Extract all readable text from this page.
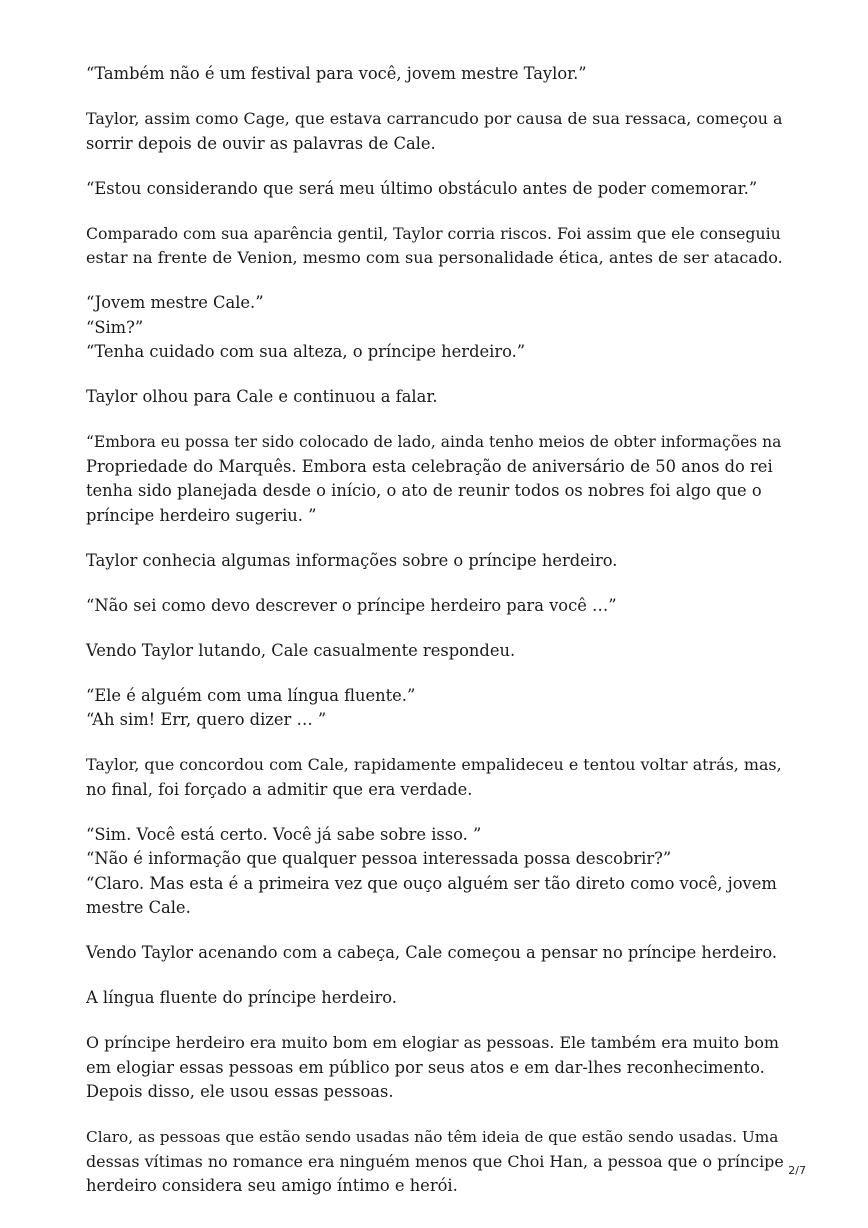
“Também não é um festival para você, jovem mestre Taylor.”
Taylor, assim como Cage, que estava carrancudo por causa de sua ressaca, começou a
sorrir depois de ouvir as palavras de Cale.
“Estou considerando que será meu último obstáculo antes de poder comemorar.”
Comparado com sua aparência gentil, Taylor corria riscos. Foi assim que ele conseguiu
estar na frente de Venion, mesmo com sua personalidade ética, antes de ser atacado.
“Jovem mestre Cale.”
“Sim?”
“Tenha cuidado com sua alteza, o príncipe herdeiro.”
Taylor olhou para Cale e continuou a falar.
“Embora eu possa ter sido colocado de lado, ainda tenho meios de obter informações na
Propriedade do Marquês. Embora esta celebração de aniversário de 50 anos do rei
tenha sido planejada desde o início, o ato de reunir todos os nobres foi algo que o
príncipe herdeiro sugeriu. ”
Taylor conhecia algumas informações sobre o príncipe herdeiro.
“Não sei como devo descrever o príncipe herdeiro para você …”
Vendo Taylor lutando, Cale casualmente respondeu.
“Ele é alguém com uma língua fluente.”
“Ah sim! Err, quero dizer … ”
Taylor, que concordou com Cale, rapidamente empalideceu e tentou voltar atrás, mas,
no final, foi forçado a admitir que era verdade.
“Sim. Você está certo. Você já sabe sobre isso. ”
“Não é informação que qualquer pessoa interessada possa descobrir?”
“Claro. Mas esta é a primeira vez que ouço alguém ser tão direto como você, jovem
mestre Cale.
Vendo Taylor acenando com a cabeça, Cale começou a pensar no príncipe herdeiro.
A língua fluente do príncipe herdeiro.
O príncipe herdeiro era muito bom em elogiar as pessoas. Ele também era muito bom
em elogiar essas pessoas em público por seus atos e em dar-lhes reconhecimento.
Depois disso, ele usou essas pessoas.
Claro, as pessoas que estão sendo usadas não têm ideia de que estão sendo usadas. Uma
dessas vítimas no romance era ninguém menos que Choi Han, a pessoa que o príncipe
herdeiro considera seu amigo íntimo e herói.
2/7
